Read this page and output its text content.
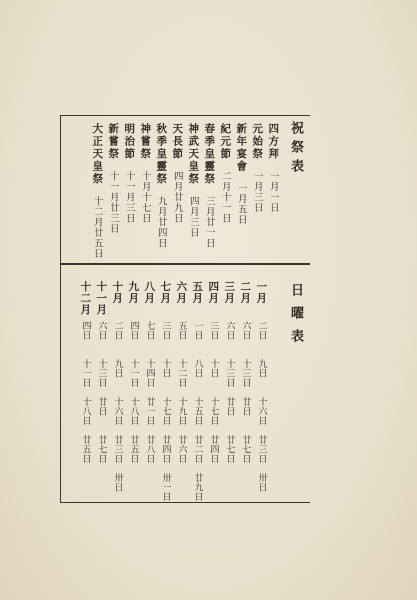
祝祭表
四方拜
一月一日
元始祭
一月三日
新年宴會
一月五日
紀元節
二月十一日
春季皇靈祭
三月廿一日
神武天皇祭
四月三日
天長節
四月廿九日
秋季皇靈祭
九月廿四日
神嘗祭
十月十七日
明治節
十一月三日
新嘗祭
十一月廿三日
大正天皇祭
十二月廿五日
日曜表
一月
二日
九日
十六日
廿三日
卅日
二月
六日
十三日
廿日
廿七日
三月
六日
十三日
廿日
廿七日
四月
三日
十日
十七日
廿四日
五月
一日
八日
十五日
廿二日
廿九日
六月
五日
十二日
十九日
廿六日
七月
三日
十日
十七日
廿四日
卅一日
八月
七日
十四日
廿一日
廿八日
九月
四日
十一日
十八日
廿五日
十月
二日
九日
十六日
廿三日
卅日
十一月
六日
十三日
廿日
廿七日
十二月
四日
十一日
十八日
廿五日
